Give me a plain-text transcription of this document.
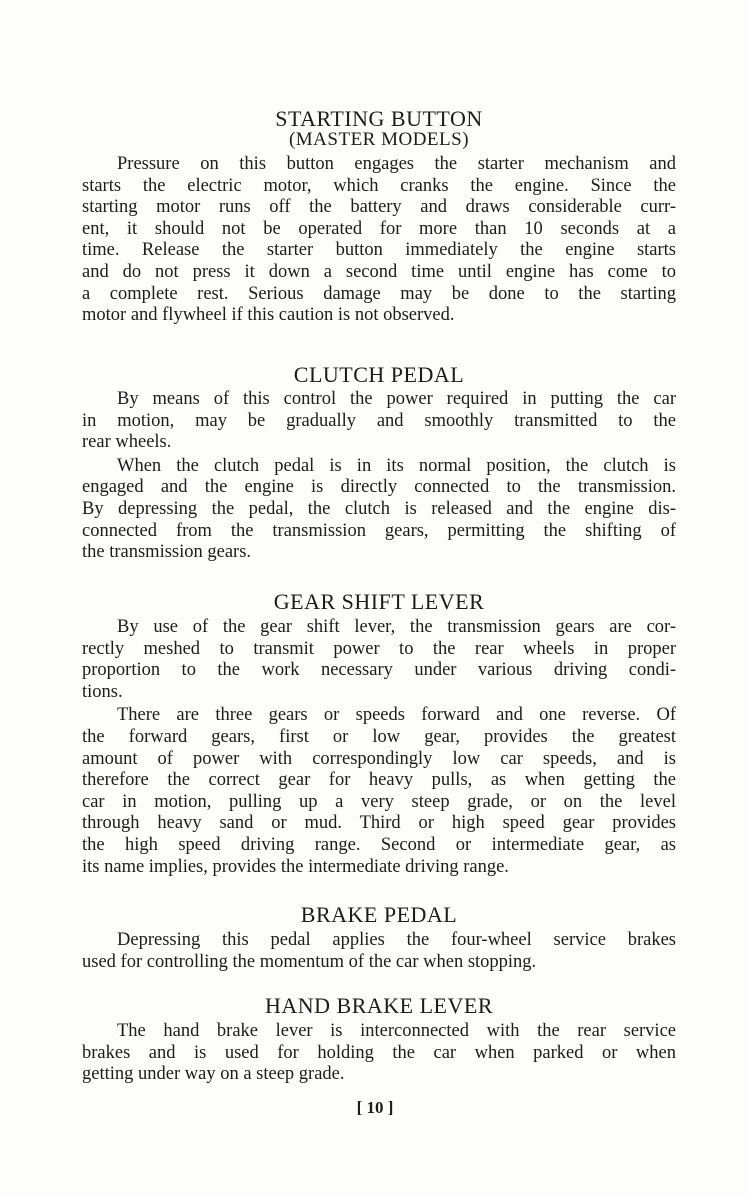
STARTING BUTTON
(MASTER MODELS)
Pressure on this button engages the starter mechanism and
starts the electric motor, which cranks the engine. Since the
starting motor runs off the battery and draws considerable curr-
ent, it should not be operated for more than 10 seconds at a
time. Release the starter button immediately the engine starts
and do not press it down a second time until engine has come to
a complete rest. Serious damage may be done to the starting
motor and flywheel if this caution is not observed.
CLUTCH PEDAL
By means of this control the power required in putting the car
in motion, may be gradually and smoothly transmitted to the
rear wheels.
When the clutch pedal is in its normal position, the clutch is
engaged and the engine is directly connected to the transmission.
By depressing the pedal, the clutch is released and the engine dis-
connected from the transmission gears, permitting the shifting of
the transmission gears.
GEAR SHIFT LEVER
By use of the gear shift lever, the transmission gears are cor-
rectly meshed to transmit power to the rear wheels in proper
proportion to the work necessary under various driving condi-
tions.
There are three gears or speeds forward and one reverse. Of
the forward gears, first or low gear, provides the greatest
amount of power with correspondingly low car speeds, and is
therefore the correct gear for heavy pulls, as when getting the
car in motion, pulling up a very steep grade, or on the level
through heavy sand or mud. Third or high speed gear provides
the high speed driving range. Second or intermediate gear, as
its name implies, provides the intermediate driving range.
BRAKE PEDAL
Depressing this pedal applies the four-wheel service brakes
used for controlling the momentum of the car when stopping.
HAND BRAKE LEVER
The hand brake lever is interconnected with the rear service
brakes and is used for holding the car when parked or when
getting under way on a steep grade.
[ 10 ]
